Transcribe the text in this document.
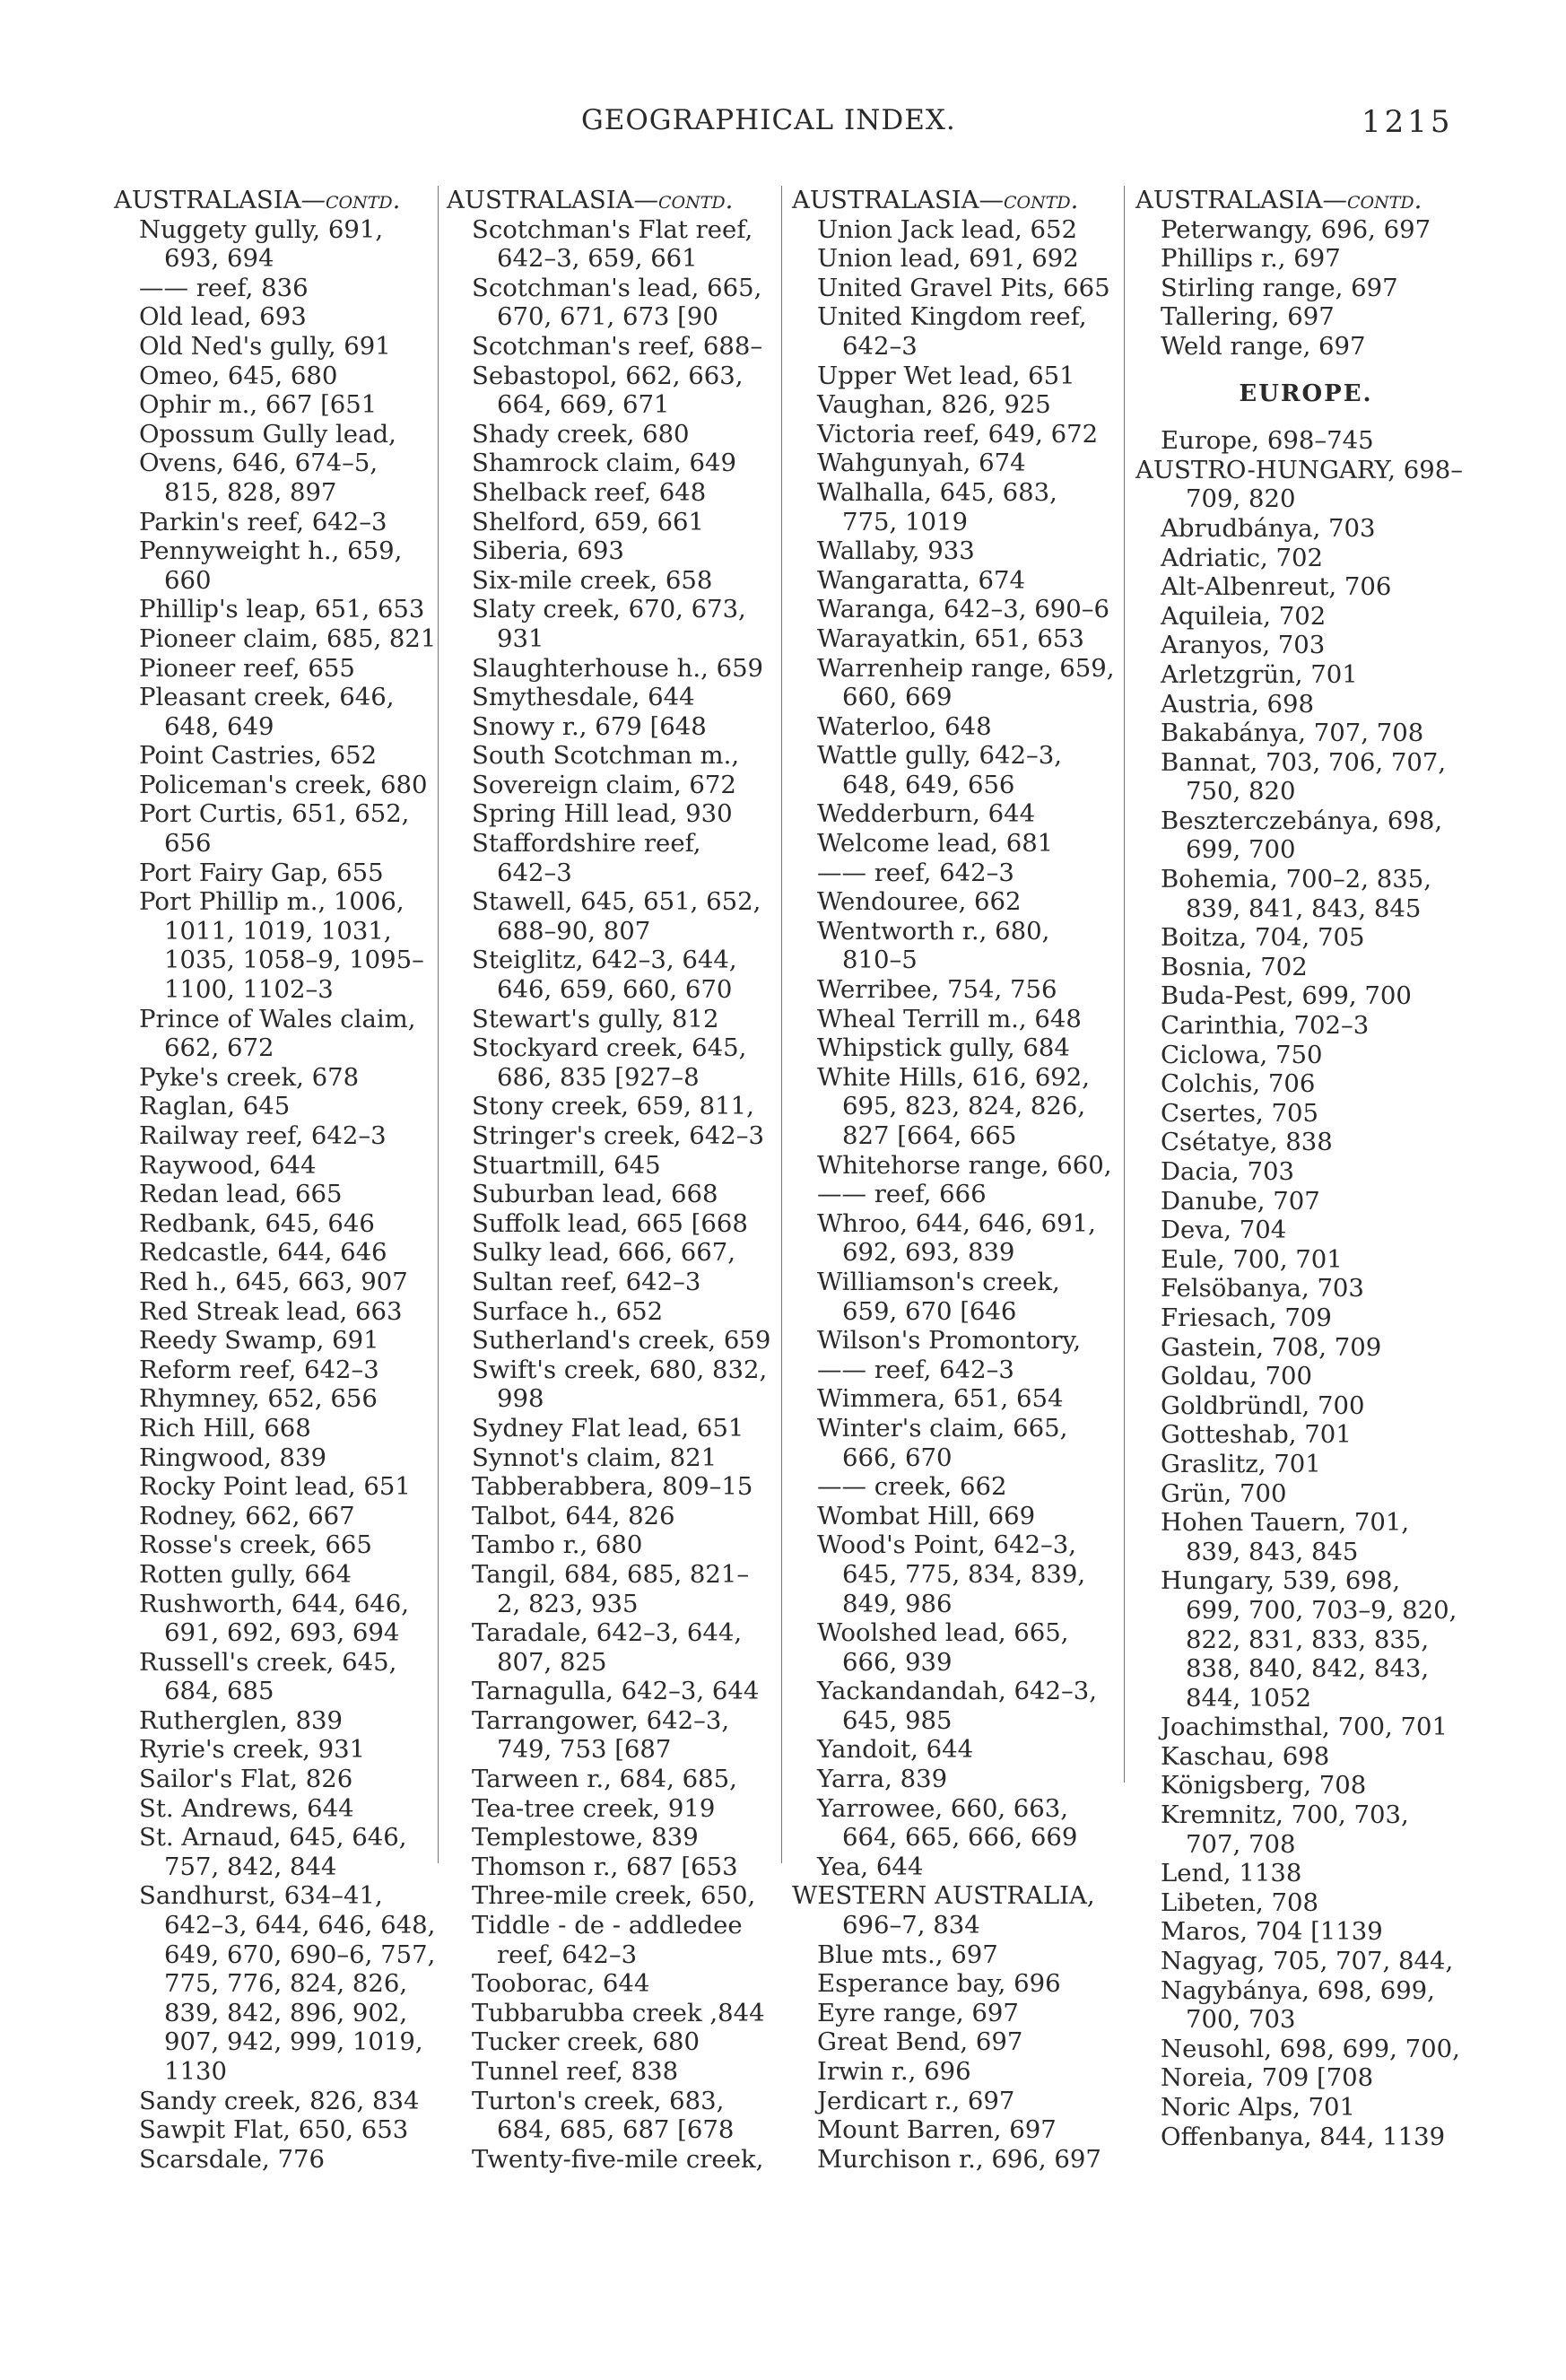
GEOGRAPHICAL INDEX.	1215
AUSTRALASIA—contd.
Nuggety gully, 691,
693, 694
—— reef, 836
Old lead, 693
Old Ned's gully, 691
Omeo, 645, 680
Ophir m., 667 [651
Opossum Gully lead,
Ovens, 646, 674–5,
815, 828, 897
Parkin's reef, 642–3
Pennyweight h., 659,
660
Phillip's leap, 651, 653
Pioneer claim, 685, 821
Pioneer reef, 655
Pleasant creek, 646,
648, 649
Point Castries, 652
Policeman's creek, 680
Port Curtis, 651, 652,
656
Port Fairy Gap, 655
Port Phillip m., 1006,
1011, 1019, 1031,
1035, 1058–9, 1095–
1100, 1102–3
Prince of Wales claim,
662, 672
Pyke's creek, 678
Raglan, 645
Railway reef, 642–3
Raywood, 644
Redan lead, 665
Redbank, 645, 646
Redcastle, 644, 646
Red h., 645, 663, 907
Red Streak lead, 663
Reedy Swamp, 691
Reform reef, 642–3
Rhymney, 652, 656
Rich Hill, 668
Ringwood, 839
Rocky Point lead, 651
Rodney, 662, 667
Rosse's creek, 665
Rotten gully, 664
Rushworth, 644, 646,
691, 692, 693, 694
Russell's creek, 645,
684, 685
Rutherglen, 839
Ryrie's creek, 931
Sailor's Flat, 826
St. Andrews, 644
St. Arnaud, 645, 646,
757, 842, 844
Sandhurst, 634–41,
642–3, 644, 646, 648,
649, 670, 690–6, 757,
775, 776, 824, 826,
839, 842, 896, 902,
907, 942, 999, 1019,
1130
Sandy creek, 826, 834
Sawpit Flat, 650, 653
Scarsdale, 776
AUSTRALASIA—contd.
Scotchman's Flat reef,
642–3, 659, 661
Scotchman's lead, 665,
670, 671, 673 [90
Scotchman's reef, 688–
Sebastopol, 662, 663,
664, 669, 671
Shady creek, 680
Shamrock claim, 649
Shelback reef, 648
Shelford, 659, 661
Siberia, 693
Six-mile creek, 658
Slaty creek, 670, 673,
931
Slaughterhouse h., 659
Smythesdale, 644
Snowy r., 679 [648
South Scotchman m.,
Sovereign claim, 672
Spring Hill lead, 930
Staffordshire reef,
642–3
Stawell, 645, 651, 652,
688–90, 807
Steiglitz, 642–3, 644,
646, 659, 660, 670
Stewart's gully, 812
Stockyard creek, 645,
686, 835 [927–8
Stony creek, 659, 811,
Stringer's creek, 642–3
Stuartmill, 645
Suburban lead, 668
Suffolk lead, 665 [668
Sulky lead, 666, 667,
Sultan reef, 642–3
Surface h., 652
Sutherland's creek, 659
Swift's creek, 680, 832,
998
Sydney Flat lead, 651
Synnot's claim, 821
Tabberabbera, 809–15
Talbot, 644, 826
Tambo r., 680
Tangil, 684, 685, 821–
2, 823, 935
Taradale, 642–3, 644,
807, 825
Tarnagulla, 642–3, 644
Tarrangower, 642–3,
749, 753 [687
Tarween r., 684, 685,
Tea-tree creek, 919
Templestowe, 839
Thomson r., 687 [653
Three-mile creek, 650,
Tiddle - de - addledee
reef, 642–3
Tooborac, 644
Tubbarubba creek ,844
Tucker creek, 680
Tunnel reef, 838
Turton's creek, 683,
684, 685, 687 [678
Twenty-five-mile creek,
AUSTRALASIA—contd.
Union Jack lead, 652
Union lead, 691, 692
United Gravel Pits, 665
United Kingdom reef,
642–3
Upper Wet lead, 651
Vaughan, 826, 925
Victoria reef, 649, 672
Wahgunyah, 674
Walhalla, 645, 683,
775, 1019
Wallaby, 933
Wangaratta, 674
Waranga, 642–3, 690–6
Warayatkin, 651, 653
Warrenheip range, 659,
660, 669
Waterloo, 648
Wattle gully, 642–3,
648, 649, 656
Wedderburn, 644
Welcome lead, 681
—— reef, 642–3
Wendouree, 662
Wentworth r., 680,
810–5
Werribee, 754, 756
Wheal Terrill m., 648
Whipstick gully, 684
White Hills, 616, 692,
695, 823, 824, 826,
827 [664, 665
Whitehorse range, 660,
—— reef, 666
Whroo, 644, 646, 691,
692, 693, 839
Williamson's creek,
659, 670 [646
Wilson's Promontory,
—— reef, 642–3
Wimmera, 651, 654
Winter's claim, 665,
666, 670
—— creek, 662
Wombat Hill, 669
Wood's Point, 642–3,
645, 775, 834, 839,
849, 986
Woolshed lead, 665,
666, 939
Yackandandah, 642–3,
645, 985
Yandoit, 644
Yarra, 839
Yarrowee, 660, 663,
664, 665, 666, 669
Yea, 644
WESTERN AUSTRALIA,
696–7, 834
Blue mts., 697
Esperance bay, 696
Eyre range, 697
Great Bend, 697
Irwin r., 696
Jerdicart r., 697
Mount Barren, 697
Murchison r., 696, 697
AUSTRALASIA—contd.
Peterwangy, 696, 697
Phillips r., 697
Stirling range, 697
Tallering, 697
Weld range, 697
EUROPE.
Europe, 698–745
AUSTRO-HUNGARY, 698–
709, 820
Abrudbánya, 703
Adriatic, 702
Alt-Albenreut, 706
Aquileia, 702
Aranyos, 703
Arletzgrün, 701
Austria, 698
Bakabánya, 707, 708
Bannat, 703, 706, 707,
750, 820
Beszterczebánya, 698,
699, 700
Bohemia, 700–2, 835,
839, 841, 843, 845
Boitza, 704, 705
Bosnia, 702
Buda-Pest, 699, 700
Carinthia, 702–3
Ciclowa, 750
Colchis, 706
Csertes, 705
Csétatye, 838
Dacia, 703
Danube, 707
Deva, 704
Eule, 700, 701
Felsöbanya, 703
Friesach, 709
Gastein, 708, 709
Goldau, 700
Goldbründl, 700
Gotteshab, 701
Graslitz, 701
Grün, 700
Hohen Tauern, 701,
839, 843, 845
Hungary, 539, 698,
699, 700, 703–9, 820,
822, 831, 833, 835,
838, 840, 842, 843,
844, 1052
Joachimsthal, 700, 701
Kaschau, 698
Königsberg, 708
Kremnitz, 700, 703,
707, 708
Lend, 1138
Libeten, 708
Maros, 704 [1139
Nagyag, 705, 707, 844,
Nagybánya, 698, 699,
700, 703
Neusohl, 698, 699, 700,
Noreia, 709 [708
Noric Alps, 701
Offenbanya, 844, 1139
